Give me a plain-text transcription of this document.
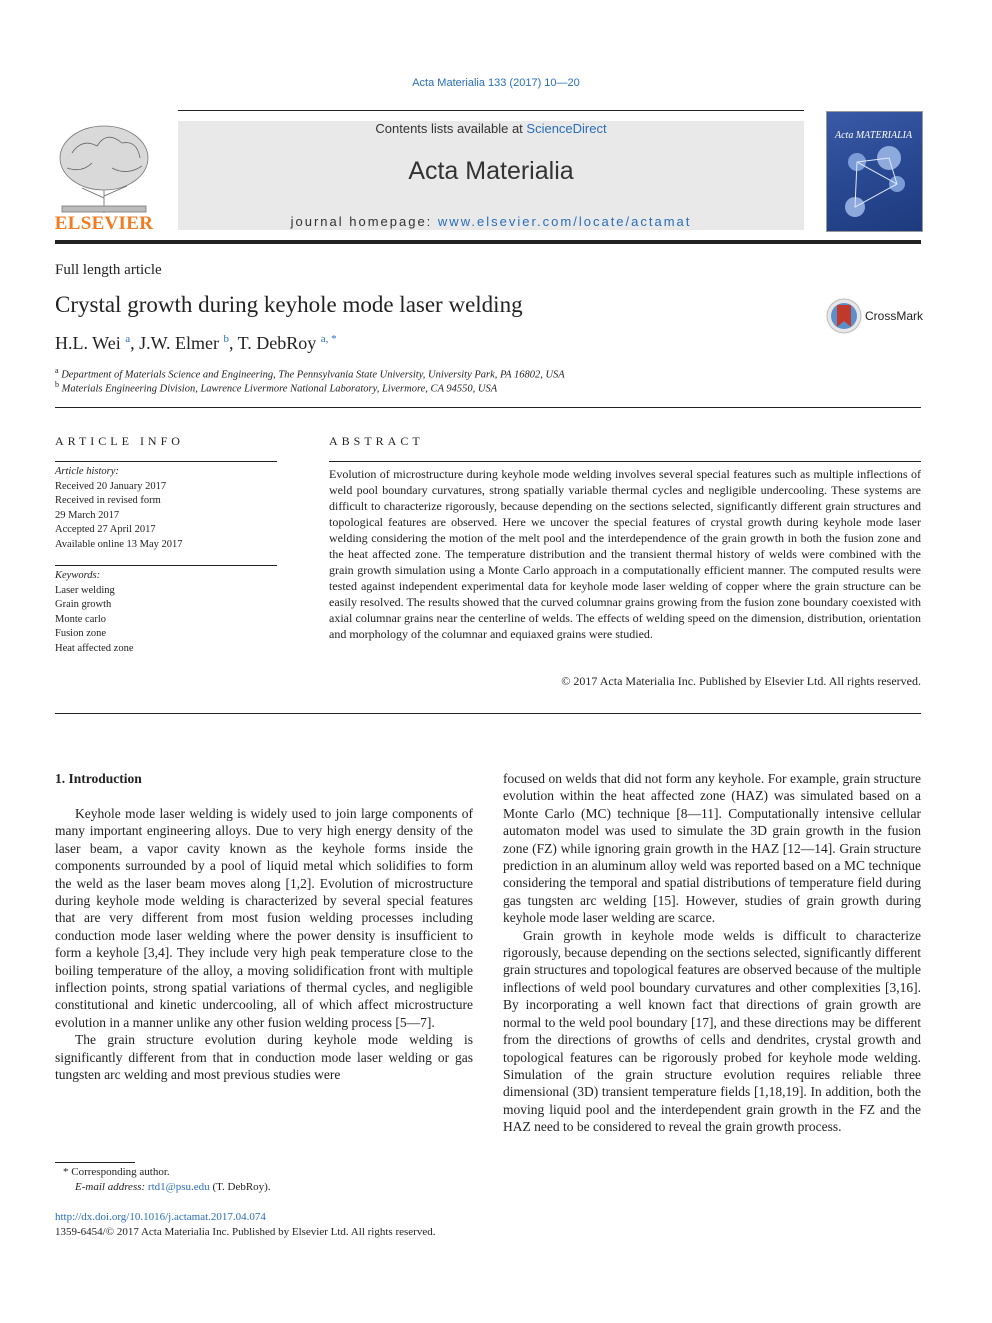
Acta Materialia 133 (2017) 10—20
ELSEVIER
Contents lists available at ScienceDirect
Acta Materialia
journal homepage: www.elsevier.com/locate/actamat
Acta MATERIALIA
Full length article
Crystal growth during keyhole mode laser welding	CrossMark
H.L. Wei $^a$, J.W. Elmer $^b$, T. DebRoy $^{a, *}$
$^a$ Department of Materials Science and Engineering, The Pennsylvania State University, University Park, PA 16802, USA
$^b$ Materials Engineering Division, Lawrence Livermore National Laboratory, Livermore, CA 94550, USA
ARTICLE INFO
Article history:
Received 20 January 2017
Received in revised form
29 March 2017
Accepted 27 April 2017
Available online 13 May 2017
Keywords:
Laser welding
Grain growth
Monte carlo
Fusion zone
Heat affected zone
ABSTRACT
Evolution of microstructure during keyhole mode welding involves several special features such as multiple inflections of weld pool boundary curvatures, strong spatially variable thermal cycles and negligible undercooling. These systems are difficult to characterize rigorously, because depending on the sections selected, significantly different grain structures and topological features are observed. Here we uncover the special features of crystal growth during keyhole mode laser welding considering the motion of the melt pool and the interdependence of the grain growth in both the fusion zone and the heat affected zone. The temperature distribution and the transient thermal history of welds were combined with the grain growth simulation using a Monte Carlo approach in a computationally efficient manner. The computed results were tested against independent experimental data for keyhole mode laser welding of copper where the grain structure can be easily resolved. The results showed that the curved columnar grains growing from the fusion zone boundary coexisted with axial columnar grains near the centerline of welds. The effects of welding speed on the dimension, distribution, orientation and morphology of the columnar and equiaxed grains were studied.
© 2017 Acta Materialia Inc. Published by Elsevier Ltd. All rights reserved.
1. Introduction

Keyhole mode laser welding is widely used to join large components of many important engineering alloys. Due to very high energy density of the laser beam, a vapor cavity known as the keyhole forms inside the components surrounded by a pool of liquid metal which solidifies to form the weld as the laser beam moves along [1,2]. Evolution of microstructure during keyhole mode welding is characterized by several special features that are very different from most fusion welding processes including conduction mode laser welding where the power density is insufficient to form a keyhole [3,4]. They include very high peak temperature close to the boiling temperature of the alloy, a moving solidification front with multiple inflection points, strong spatial variations of thermal cycles, and negligible constitutional and kinetic undercooling, all of which affect microstructure evolution in a manner unlike any other fusion welding process [5—7].

The grain structure evolution during keyhole mode welding is significantly different from that in conduction mode laser welding or gas tungsten arc welding and most previous studies were

focused on welds that did not form any keyhole. For example, grain structure evolution within the heat affected zone (HAZ) was simulated based on a Monte Carlo (MC) technique [8—11]. Computationally intensive cellular automaton model was used to simulate the 3D grain growth in the fusion zone (FZ) while ignoring grain growth in the HAZ [12—14]. Grain structure prediction in an aluminum alloy weld was reported based on a MC technique considering the temporal and spatial distributions of temperature field during gas tungsten arc welding [15]. However, studies of grain growth during keyhole mode laser welding are scarce.

Grain growth in keyhole mode welds is difficult to characterize rigorously, because depending on the sections selected, significantly different grain structures and topological features are observed because of the multiple inflections of weld pool boundary curvatures and other complexities [3,16]. By incorporating a well known fact that directions of grain growth are normal to the weld pool boundary [17], and these directions may be different from the directions of growths of cells and dendrites, crystal growth and topological features can be rigorously probed for keyhole mode welding. Simulation of the grain structure evolution requires reliable three dimensional (3D) transient temperature fields [1,18,19]. In addition, both the moving liquid pool and the interdependent grain growth in the FZ and the HAZ need to be considered to reveal the grain growth process.

* Corresponding author.
E-mail address: rtd1@psu.edu (T. DebRoy).
http://dx.doi.org/10.1016/j.actamat.2017.04.074
1359-6454/© 2017 Acta Materialia Inc. Published by Elsevier Ltd. All rights reserved.
